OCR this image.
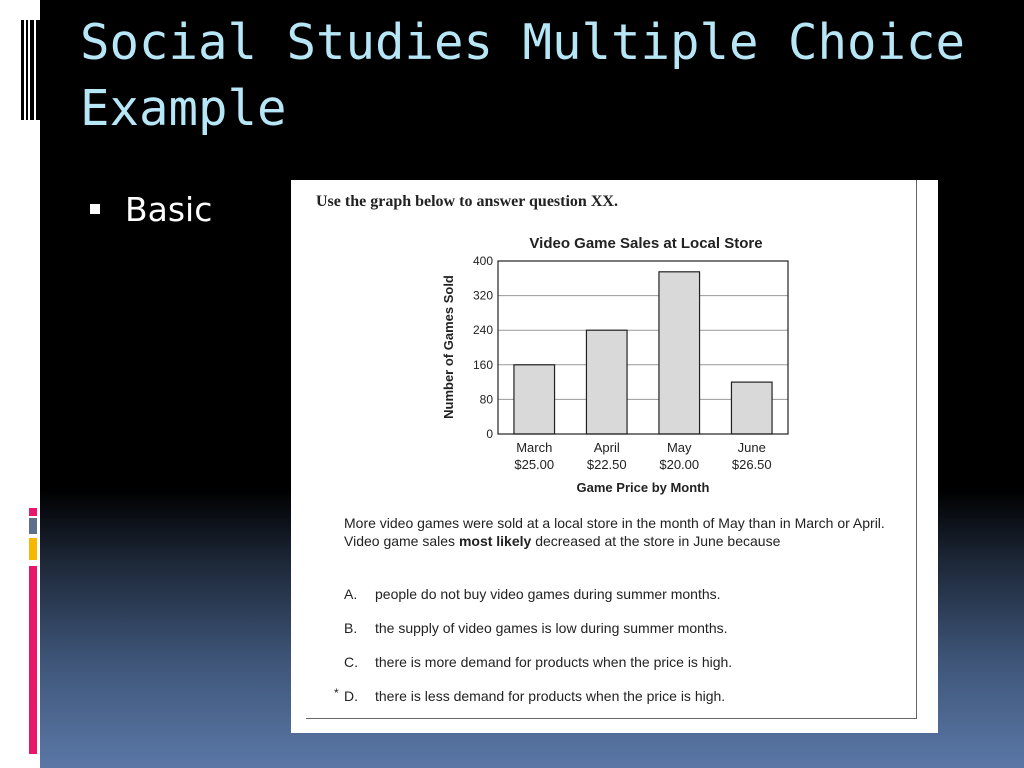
Social Studies Multiple Choice Example
Basic	Use the graph below to answer question XX.
Video Game Sales at Local Store
0
80
160
240
320
400
March
$25.00
April
$22.50
May
$20.00
June
$26.50
Number of Games Sold
Game Price by Month
More video games were sold at a local store in the month of May than in March or April. Video game sales most likely decreased at the store in June because
A. people do not buy video games during summer months.
B. the supply of video games is low during summer months.
C. there is more demand for products when the price is high.
* D. there is less demand for products when the price is high.
